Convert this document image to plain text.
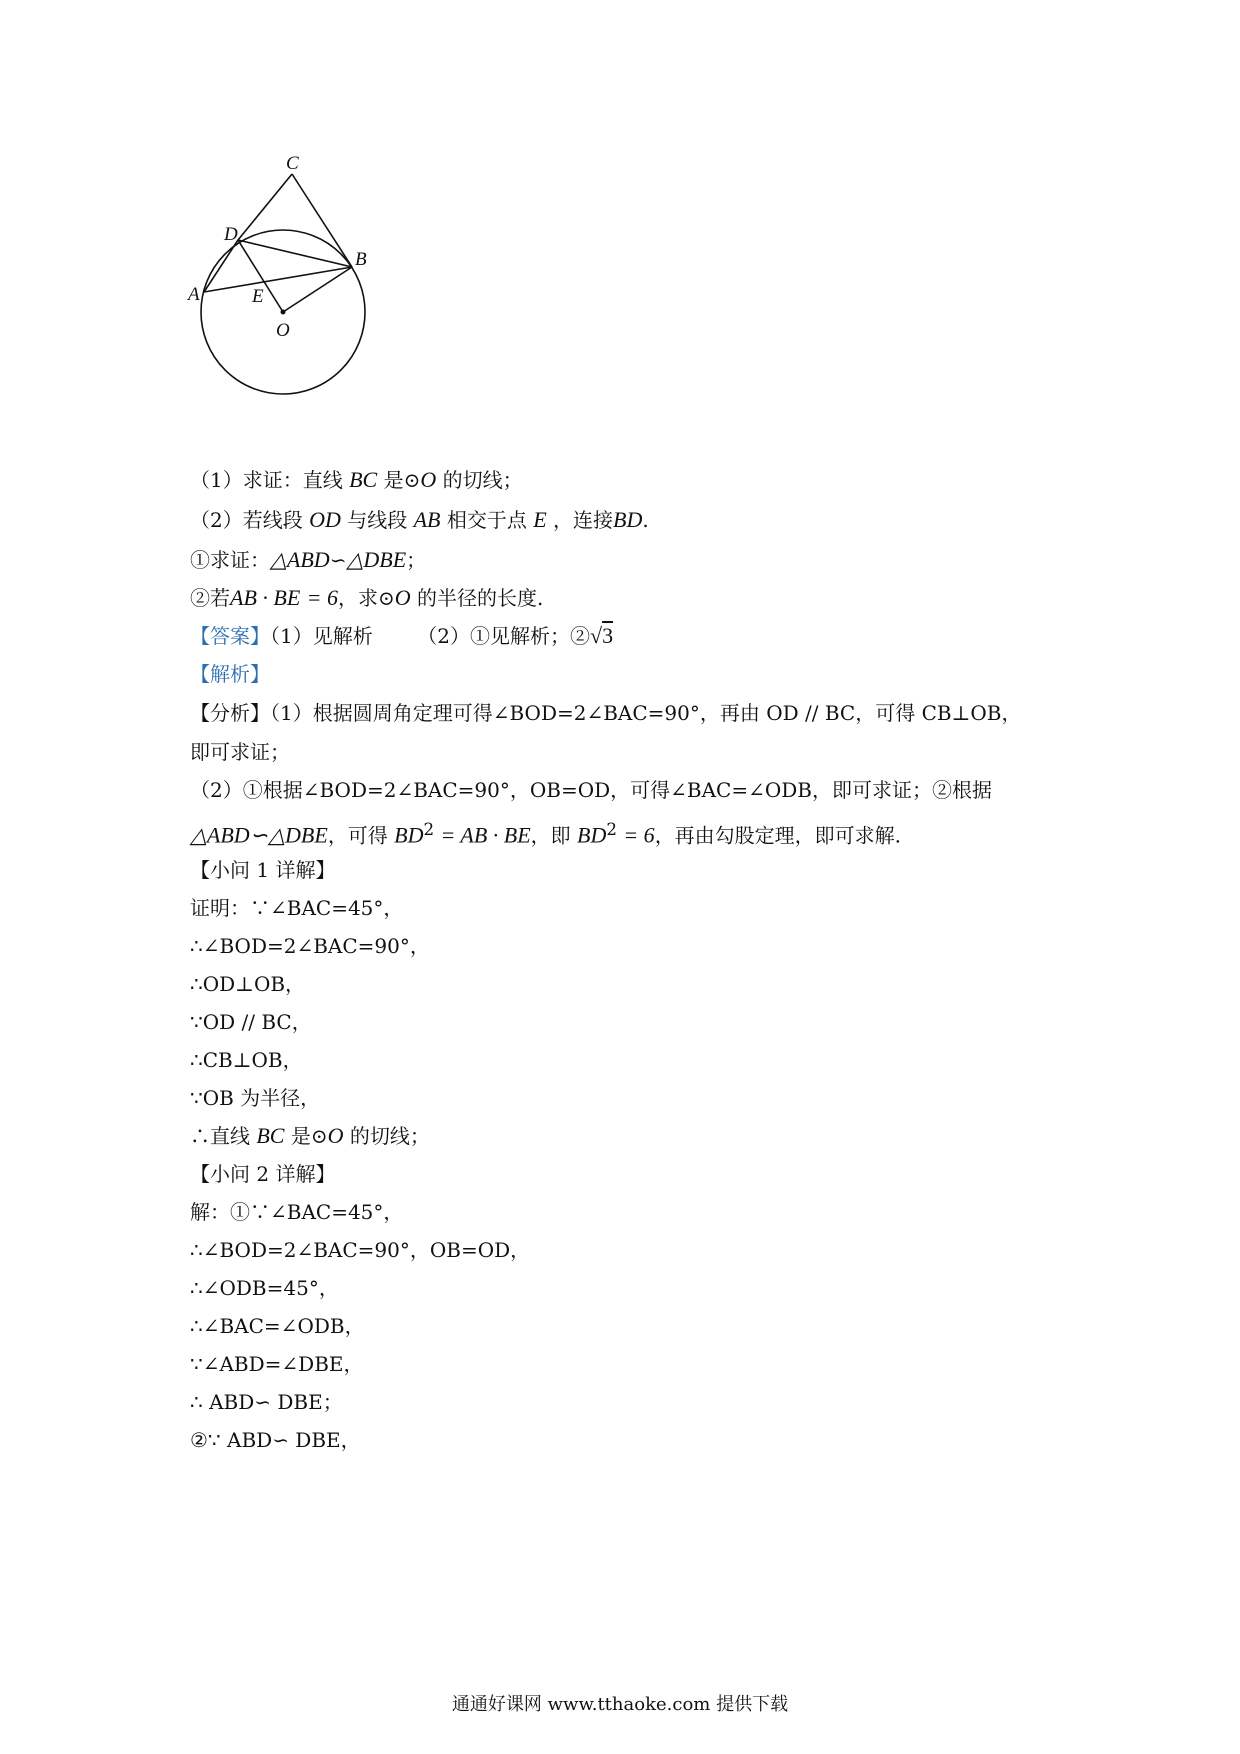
C
D
B
A	E
O
（1）求证：直线 BC 是⊙O 的切线；
（2）若线段 OD 与线段 AB 相交于点 E ，连接BD.
①求证：△ABD∽△DBE；
②若AB · BE = 6，求⊙O 的半径的长度.
【答案】（1）见解析 （2）①见解析；②√3
【解析】
【分析】（1）根据圆周角定理可得∠BOD=2∠BAC=90°，再由 OD // BC，可得 CB⊥OB，
即可求证；
（2）①根据∠BOD=2∠BAC=90°，OB=OD，可得∠BAC=∠ODB，即可求证；②根据
△ABD∽△DBE，可得 $BD^2$ = AB · BE，即 $BD^2 = 6$，再由勾股定理，即可求解.
【小问 1 详解】
证明：∵∠BAC=45°，
∴∠BOD=2∠BAC=90°，
∴OD⊥OB，
∵OD // BC，
∴CB⊥OB，
∵OB 为半径，
∴直线 BC 是⊙O 的切线；
【小问 2 详解】
解：①∵∠BAC=45°，
∴∠BOD=2∠BAC=90°，OB=OD，
∴∠ODB=45°，
∴∠BAC=∠ODB，
∵∠ABD=∠DBE，
∴ ABD∽ DBE；
②∵ ABD∽ DBE，
通通好课网 www.tthaoke.com 提供下载
